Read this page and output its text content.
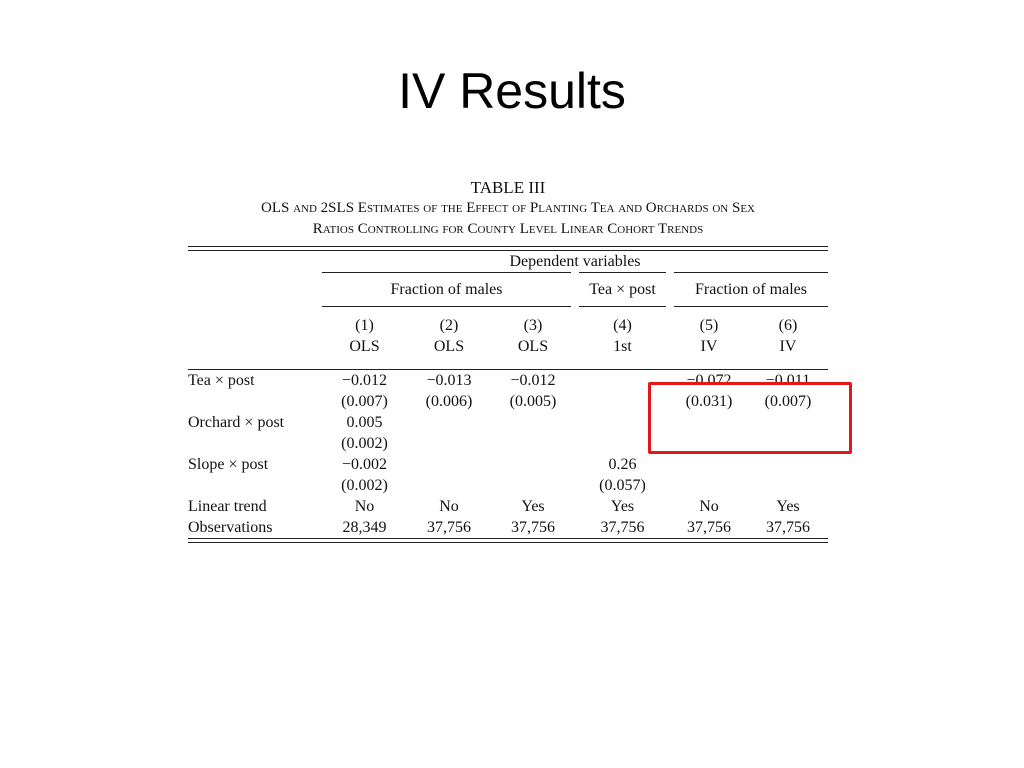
IV Results
TABLE III
OLS and 2SLS Estimates of the Effect of Planting Tea and Orchards on Sex
Ratios Controlling for County Level Linear Cohort Trends
	Dependent variables					
	Fraction of males			Tea × post	Fraction of males	
	(1)	(2)	(3)	(4)	(5)	(6)
	OLS	OLS	OLS	1st	IV	IV

Tea × post	−0.012	−0.013	−0.012		−0.072	−0.011
	(0.007)	(0.006)	(0.005)		(0.031)	(0.007)
Orchard × post	0.005					
	(0.002)					
Slope × post	−0.002			0.26		
	(0.002)			(0.057)		
Linear trend	No	No	Yes	Yes	No	Yes
Observations	28,349	37,756	37,756	37,756	37,756	37,756
